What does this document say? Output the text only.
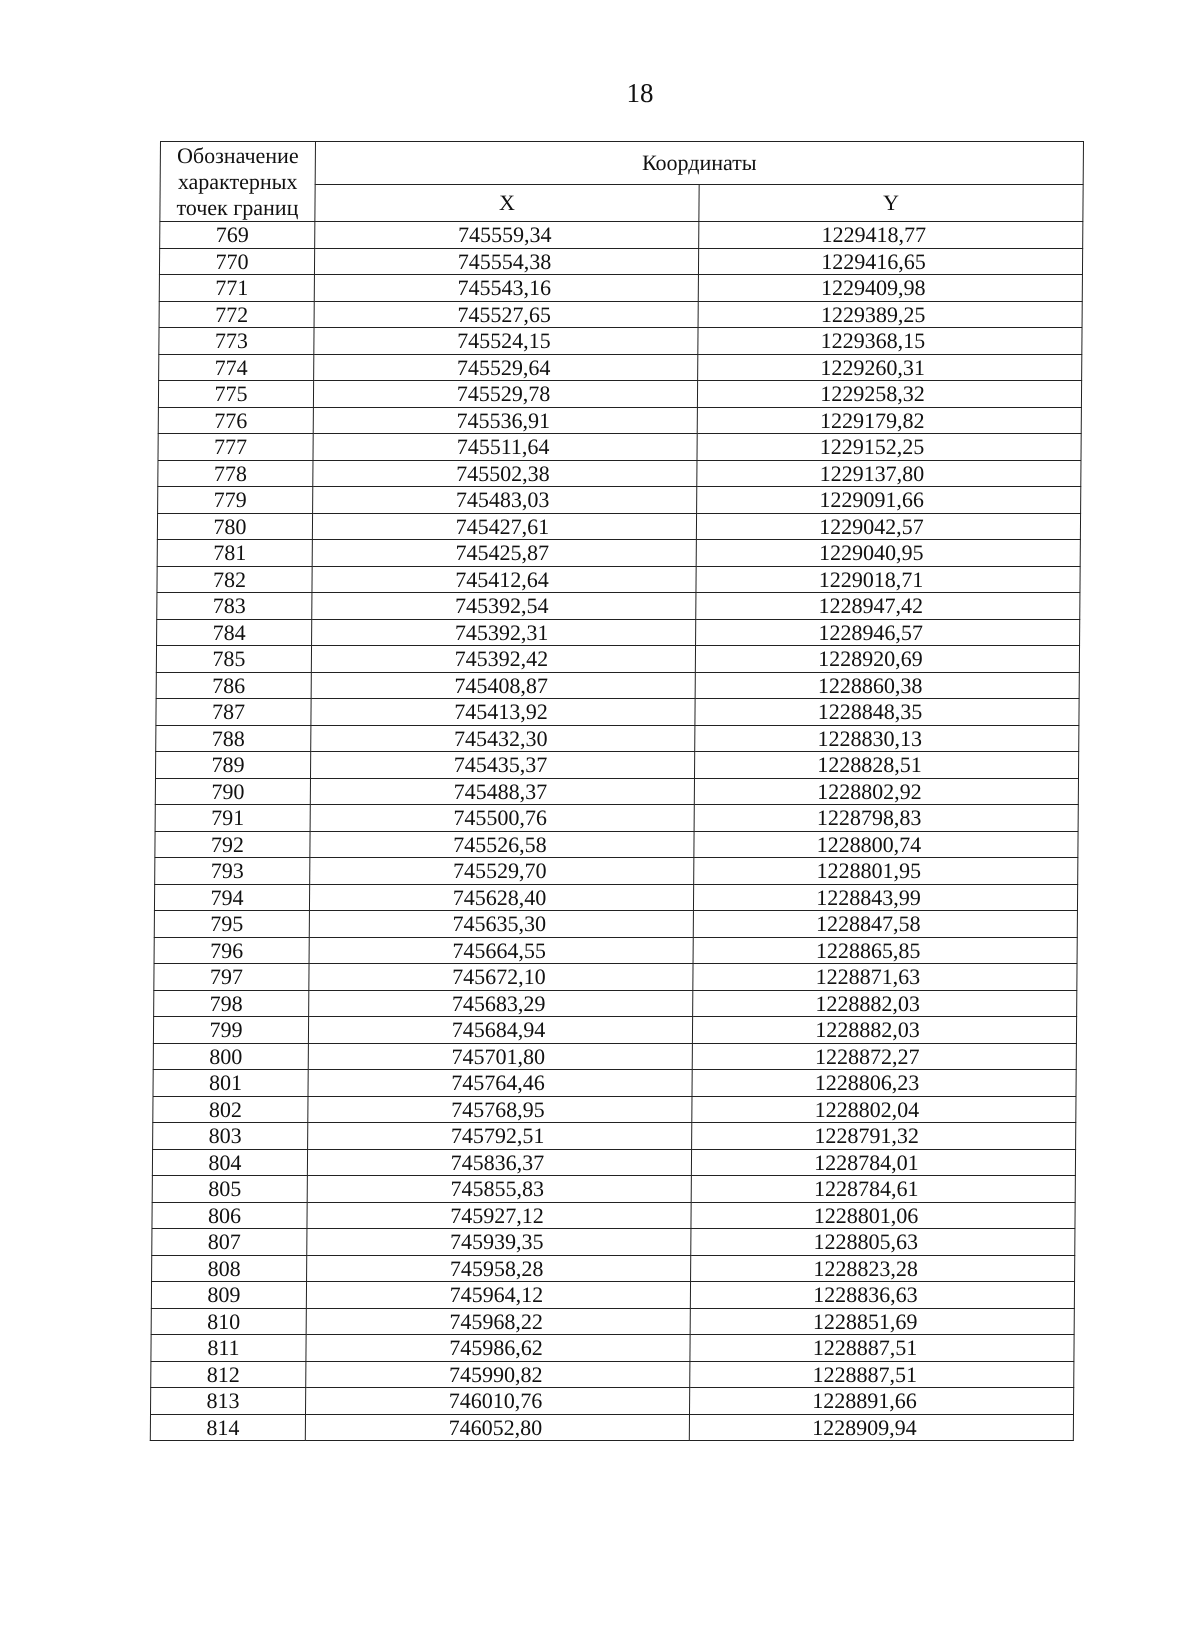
18
Обозначение характерных точек границ	Координаты	
	X	Y
769	745559,34	1229418,77
770	745554,38	1229416,65
771	745543,16	1229409,98
772	745527,65	1229389,25
773	745524,15	1229368,15
774	745529,64	1229260,31
775	745529,78	1229258,32
776	745536,91	1229179,82
777	745511,64	1229152,25
778	745502,38	1229137,80
779	745483,03	1229091,66
780	745427,61	1229042,57
781	745425,87	1229040,95
782	745412,64	1229018,71
783	745392,54	1228947,42
784	745392,31	1228946,57
785	745392,42	1228920,69
786	745408,87	1228860,38
787	745413,92	1228848,35
788	745432,30	1228830,13
789	745435,37	1228828,51
790	745488,37	1228802,92
791	745500,76	1228798,83
792	745526,58	1228800,74
793	745529,70	1228801,95
794	745628,40	1228843,99
795	745635,30	1228847,58
796	745664,55	1228865,85
797	745672,10	1228871,63
798	745683,29	1228882,03
799	745684,94	1228882,03
800	745701,80	1228872,27
801	745764,46	1228806,23
802	745768,95	1228802,04
803	745792,51	1228791,32
804	745836,37	1228784,01
805	745855,83	1228784,61
806	745927,12	1228801,06
807	745939,35	1228805,63
808	745958,28	1228823,28
809	745964,12	1228836,63
810	745968,22	1228851,69
811	745986,62	1228887,51
812	745990,82	1228887,51
813	746010,76	1228891,66
814	746052,80	1228909,94
